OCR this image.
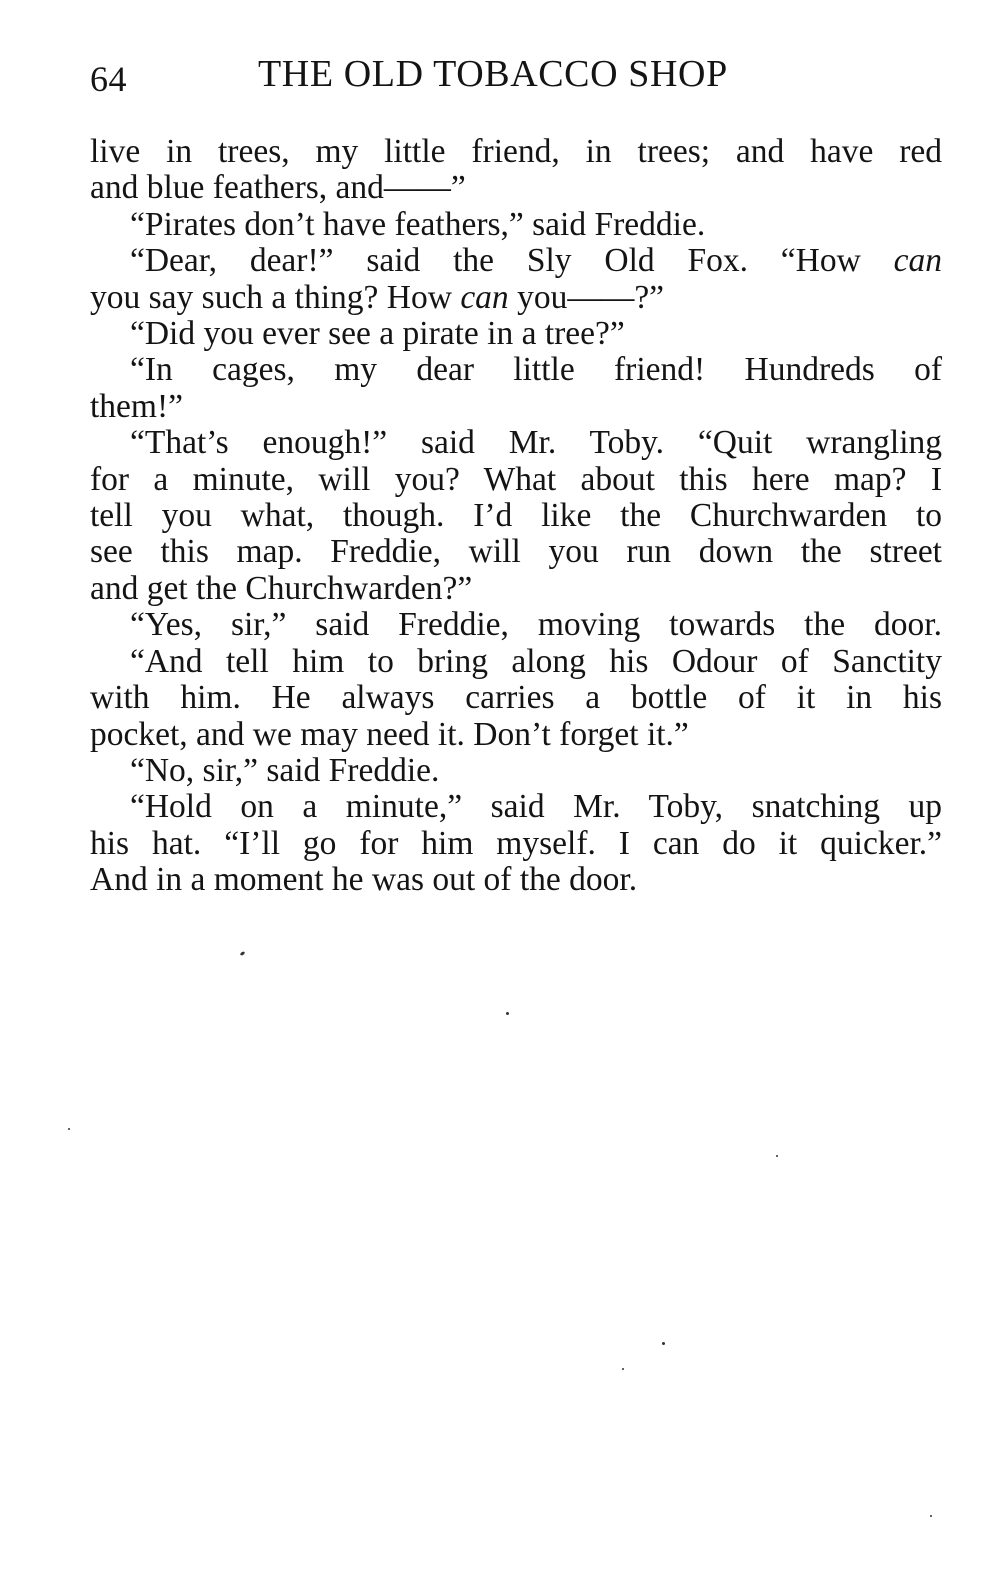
64	THE OLD TOBACCO SHOP
live in trees, my little friend, in trees; and have red
and blue feathers, and——”
“Pirates don’t have feathers,” said Freddie.
“Dear, dear!” said the Sly Old Fox. “How can
you say such a thing? How can you——?”
“Did you ever see a pirate in a tree?”
“In cages, my dear little friend! Hundreds of
them!”
“That’s enough!” said Mr. Toby. “Quit wrangling
for a minute, will you? What about this here map? I
tell you what, though. I’d like the Churchwarden to
see this map. Freddie, will you run down the street
and get the Churchwarden?”
“Yes, sir,” said Freddie, moving towards the door.
“And tell him to bring along his Odour of Sanctity
with him. He always carries a bottle of it in his
pocket, and we may need it. Don’t forget it.”
“No, sir,” said Freddie.
“Hold on a minute,” said Mr. Toby, snatching up
his hat. “I’ll go for him myself. I can do it quicker.”
And in a moment he was out of the door.
